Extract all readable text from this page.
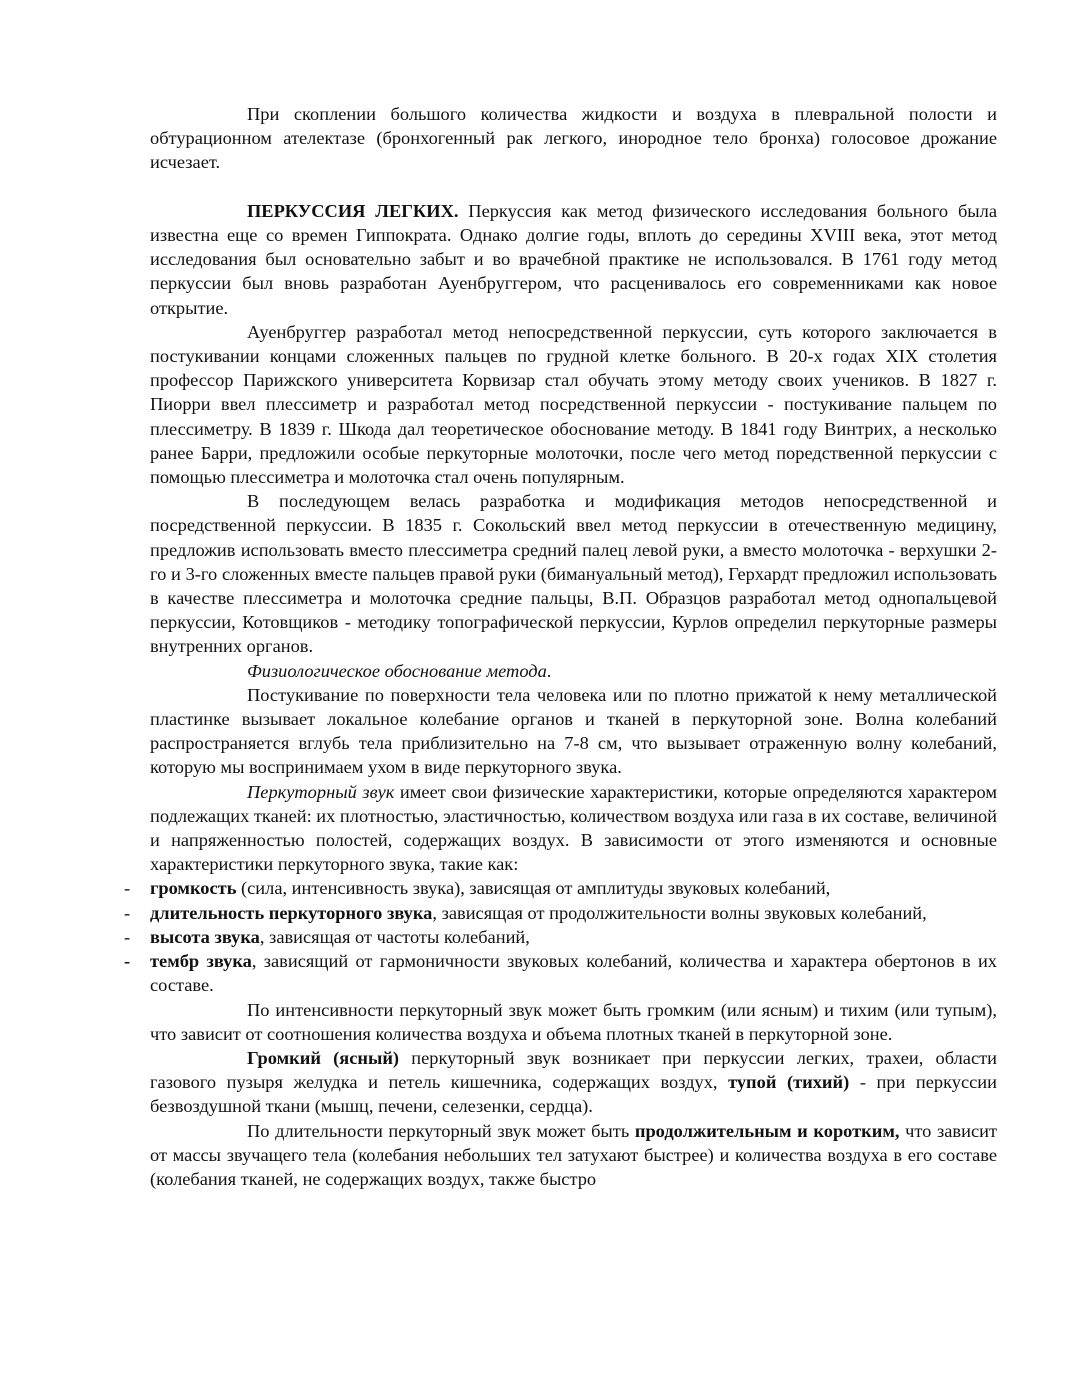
При скоплении большого количества жидкости и воздуха в плевральной полости и обтурационном ателектазе (бронхогенный рак легкого, инородное тело бронха) голосовое дрожание исчезает.

ПЕРКУССИЯ ЛЕГКИХ. Перкуссия как метод физического исследования больного была известна еще со времен Гиппократа. Однако долгие годы, вплоть до середины XVIII века, этот метод исследования был основательно забыт и во врачебной практике не использовался. В 1761 году метод перкуссии был вновь разработан Ауенбруггером, что расценивалось его современниками как новое открытие.

Ауенбруггер разработал метод непосредственной перкуссии, суть которого заключается в постукивании концами сложенных пальцев по грудной клетке больного. В 20-х годах XIX столетия профессор Парижского университета Корвизар стал обучать этому методу своих учеников. В 1827 г. Пиорри ввел плессиметр и разработал метод посредственной перкуссии - постукивание пальцем по плессиметру. В 1839 г. Шкода дал теоретическое обоснование методу. В 1841 году Винтрих, а несколько ранее Барри, предложили особые перкуторные молоточки, после чего метод поредственной перкуссии с помощью плессиметра и молоточка стал очень популярным.

В последующем велась разработка и модификация методов непосредственной и посредственной перкуссии. В 1835 г. Сокольский ввел метод перкуссии в отечественную медицину, предложив использовать вместо плессиметра средний палец левой руки, а вместо молоточка - верхушки 2-го и 3-го сложенных вместе пальцев правой руки (бимануальный метод), Герхардт предложил использовать в качестве плессиметра и молоточка средние пальцы, В.П. Образцов разработал метод однопальцевой перкуссии, Котовщиков - методику топографической перкуссии, Курлов определил перкуторные размеры внутренних органов.

Физиологическое обоснование метода.

Постукивание по поверхности тела человека или по плотно прижатой к нему металлической пластинке вызывает локальное колебание органов и тканей в перкуторной зоне. Волна колебаний распространяется вглубь тела приблизительно на 7-8 см, что вызывает отраженную волну колебаний, которую мы воспринимаем ухом в виде перкуторного звука.

Перкуторный звук имеет свои физические характеристики, которые определяются характером подлежащих тканей: их плотностью, эластичностью, количеством воздуха или газа в их составе, величиной и напряженностью полостей, содержащих воздух. В зависимости от этого изменяются и основные характеристики перкуторного звука, такие как:

- громкость (сила, интенсивность звука), зависящая от амплитуды звуковых колебаний,
- длительность перкуторного звука, зависящая от продолжительности волны звуковых колебаний,
- высота звука, зависящая от частоты колебаний,
- тембр звука, зависящий от гармоничности звуковых колебаний, количества и характера обертонов в их составе.

По интенсивности перкуторный звук может быть громким (или ясным) и тихим (или тупым), что зависит от соотношения количества воздуха и объема плотных тканей в перкуторной зоне.

Громкий (ясный) перкуторный звук возникает при перкуссии легких, трахеи, области газового пузыря желудка и петель кишечника, содержащих воздух, тупой (тихий) - при перкуссии безвоздушной ткани (мышц, печени, селезенки, сердца).

По длительности перкуторный звук может быть продолжительным и коротким, что зависит от массы звучащего тела (колебания небольших тел затухают быстрее) и количества воздуха в его составе (колебания тканей, не содержащих воздух, также быстро
